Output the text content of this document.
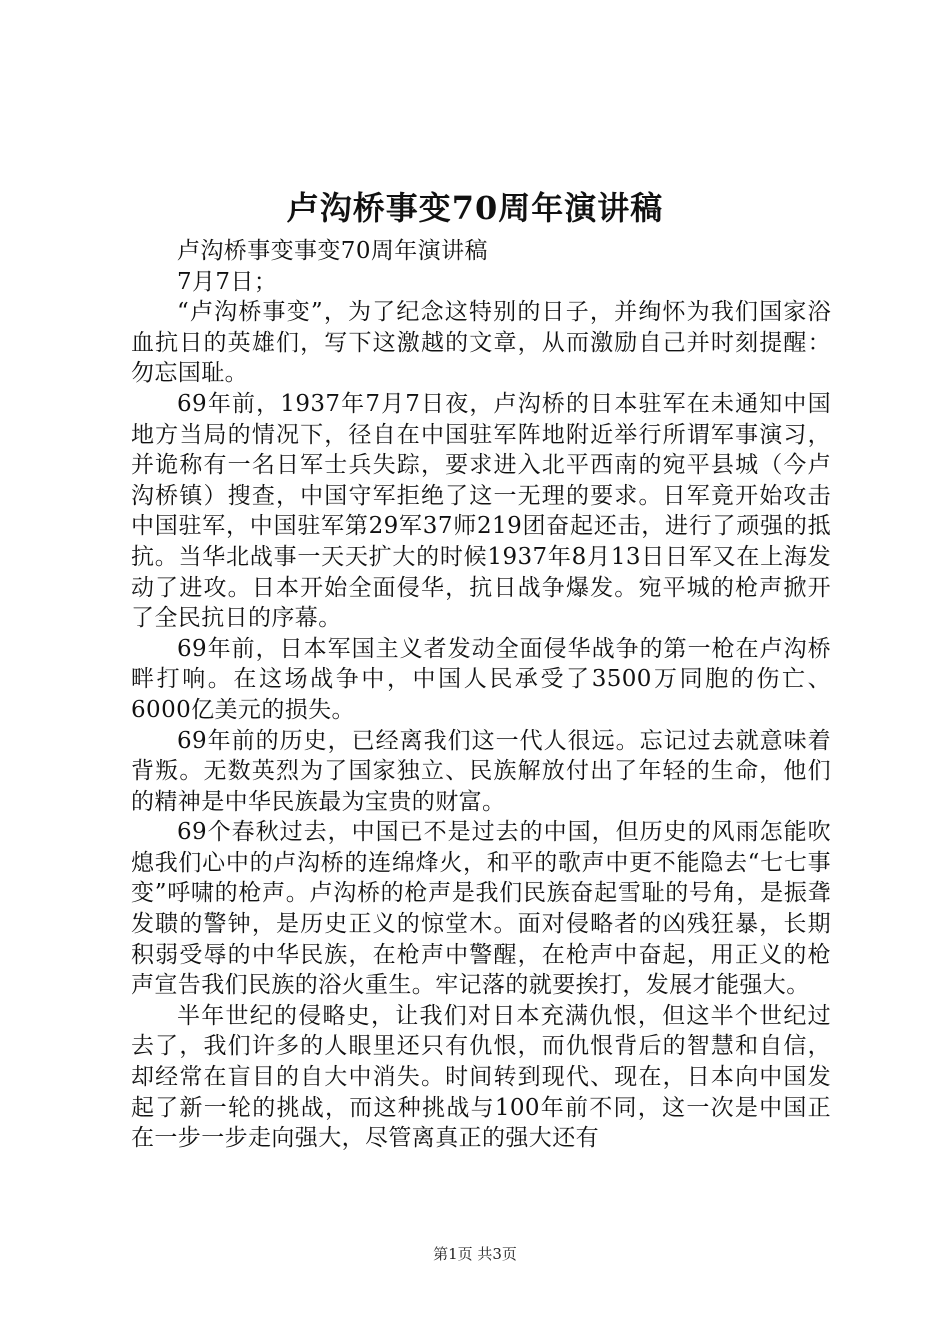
卢沟桥事变70周年演讲稿

卢沟桥事变事变70周年演讲稿

7月7日；

“卢沟桥事变”，为了纪念这特别的日子，并绚怀为我们国家浴血抗日的英雄们，写下这激越的文章，从而激励自己并时刻提醒：勿忘国耻。

69年前，1937年7月7日夜，卢沟桥的日本驻军在未通知中国地方当局的情况下，径自在中国驻军阵地附近举行所谓军事演习，并诡称有一名日军士兵失踪，要求进入北平西南的宛平县城（今卢沟桥镇）搜查，中国守军拒绝了这一无理的要求。日军竟开始攻击中国驻军，中国驻军第29军37师219团奋起还击，进行了顽强的抵抗。当华北战事一天天扩大的时候1937年8月13日日军又在上海发动了进攻。日本开始全面侵华，抗日战争爆发。宛平城的枪声掀开了全民抗日的序幕。

69年前，日本军国主义者发动全面侵华战争的第一枪在卢沟桥畔打响。在这场战争中，中国人民承受了3500万同胞的伤亡、6000亿美元的损失。

69年前的历史，已经离我们这一代人很远。忘记过去就意味着背叛。无数英烈为了国家独立、民族解放付出了年轻的生命，他们的精神是中华民族最为宝贵的财富。

69个春秋过去，中国已不是过去的中国，但历史的风雨怎能吹熄我们心中的卢沟桥的连绵烽火，和平的歌声中更不能隐去“七七事变”呼啸的枪声。卢沟桥的枪声是我们民族奋起雪耻的号角，是振聋发聩的警钟，是历史正义的惊堂木。面对侵略者的凶残狂暴，长期积弱受辱的中华民族，在枪声中警醒，在枪声中奋起，用正义的枪声宣告我们民族的浴火重生。牢记落的就要挨打，发展才能强大。

半年世纪的侵略史，让我们对日本充满仇恨，但这半个世纪过去了，我们许多的人眼里还只有仇恨，而仇恨背后的智慧和自信，却经常在盲目的自大中消失。时间转到现代、现在，日本向中国发起了新一轮的挑战，而这种挑战与100年前不同，这一次是中国正在一步一步走向强大，尽管离真正的强大还有

第1页 共3页
